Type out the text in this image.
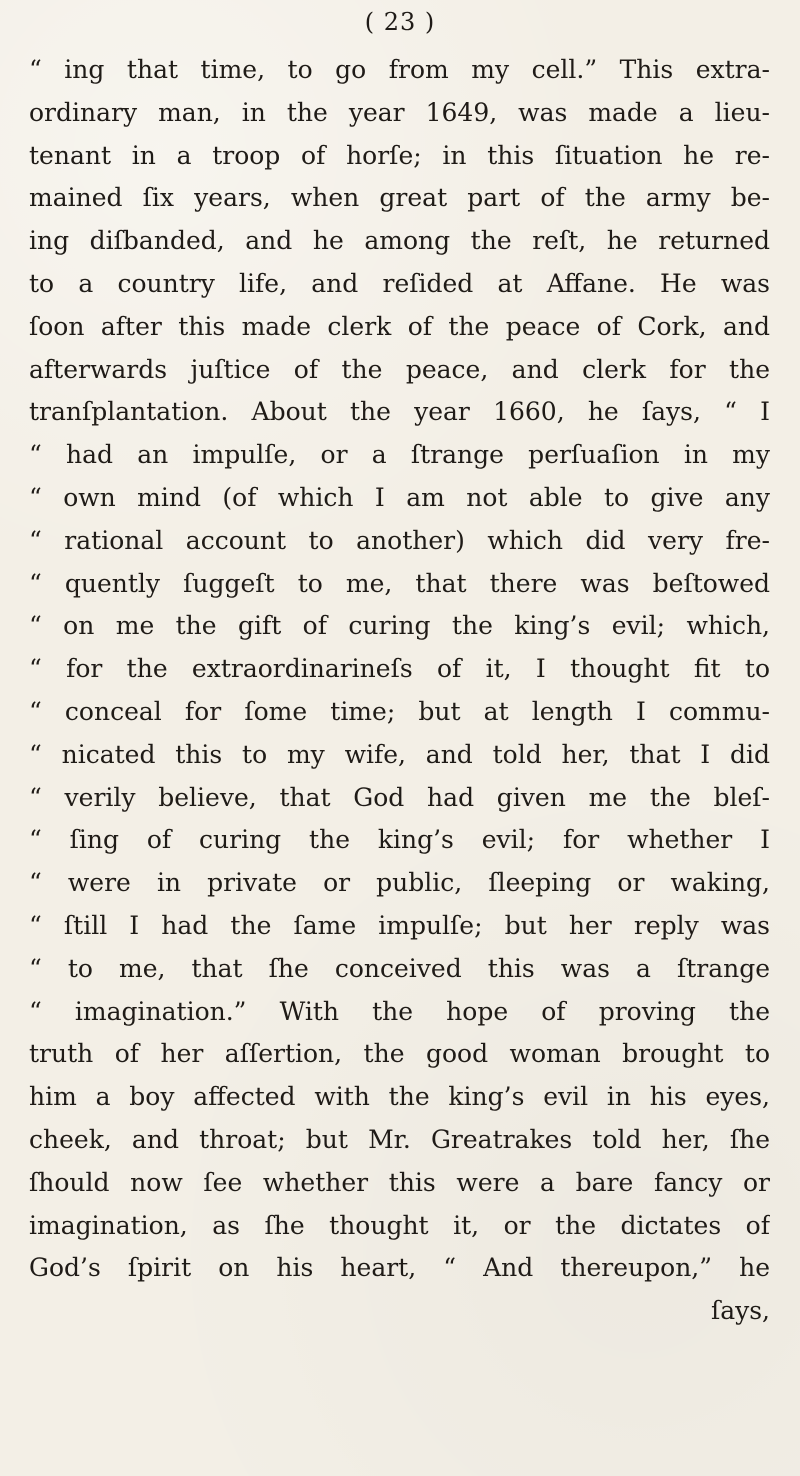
( 23 )
“ ing that time, to go from my cell.” This extra-
ordinary man, in the year 1649, was made a lieu-
tenant in a troop of horſe; in this ſituation he re-
mained ſix years, when great part of the army be-
ing diſbanded, and he among the reſt, he returned
to a country life, and reſided at Affane. He was
ſoon after this made clerk of the peace of Cork, and
afterwards juſtice of the peace, and clerk for the
tranſplantation. About the year 1660, he ſays, “ I
“ had an impulſe, or a ſtrange perſuaſion in my
“ own mind (of which I am not able to give any
“ rational account to another) which did very fre-
“ quently ſuggeſt to me, that there was beſtowed
“ on me the gift of curing the king’s evil; which,
“ for the extraordinarineſs of it, I thought fit to
“ conceal for ſome time; but at length I commu-
“ nicated this to my wife, and told her, that I did
“ verily believe, that God had given me the bleſ-
“ ſing of curing the king’s evil; for whether I
“ were in private or public, ſleeping or waking,
“ ſtill I had the ſame impulſe; but her reply was
“ to me, that ſhe conceived this was a ſtrange
“ imagination.” With the hope of proving the
truth of her aſſertion, the good woman brought to
him a boy affected with the king’s evil in his eyes,
cheek, and throat; but Mr. Greatrakes told her, ſhe
ſhould now ſee whether this were a bare fancy or
imagination, as ſhe thought it, or the dictates of
God’s ſpirit on his heart, “ And thereupon,” he
ſays,
